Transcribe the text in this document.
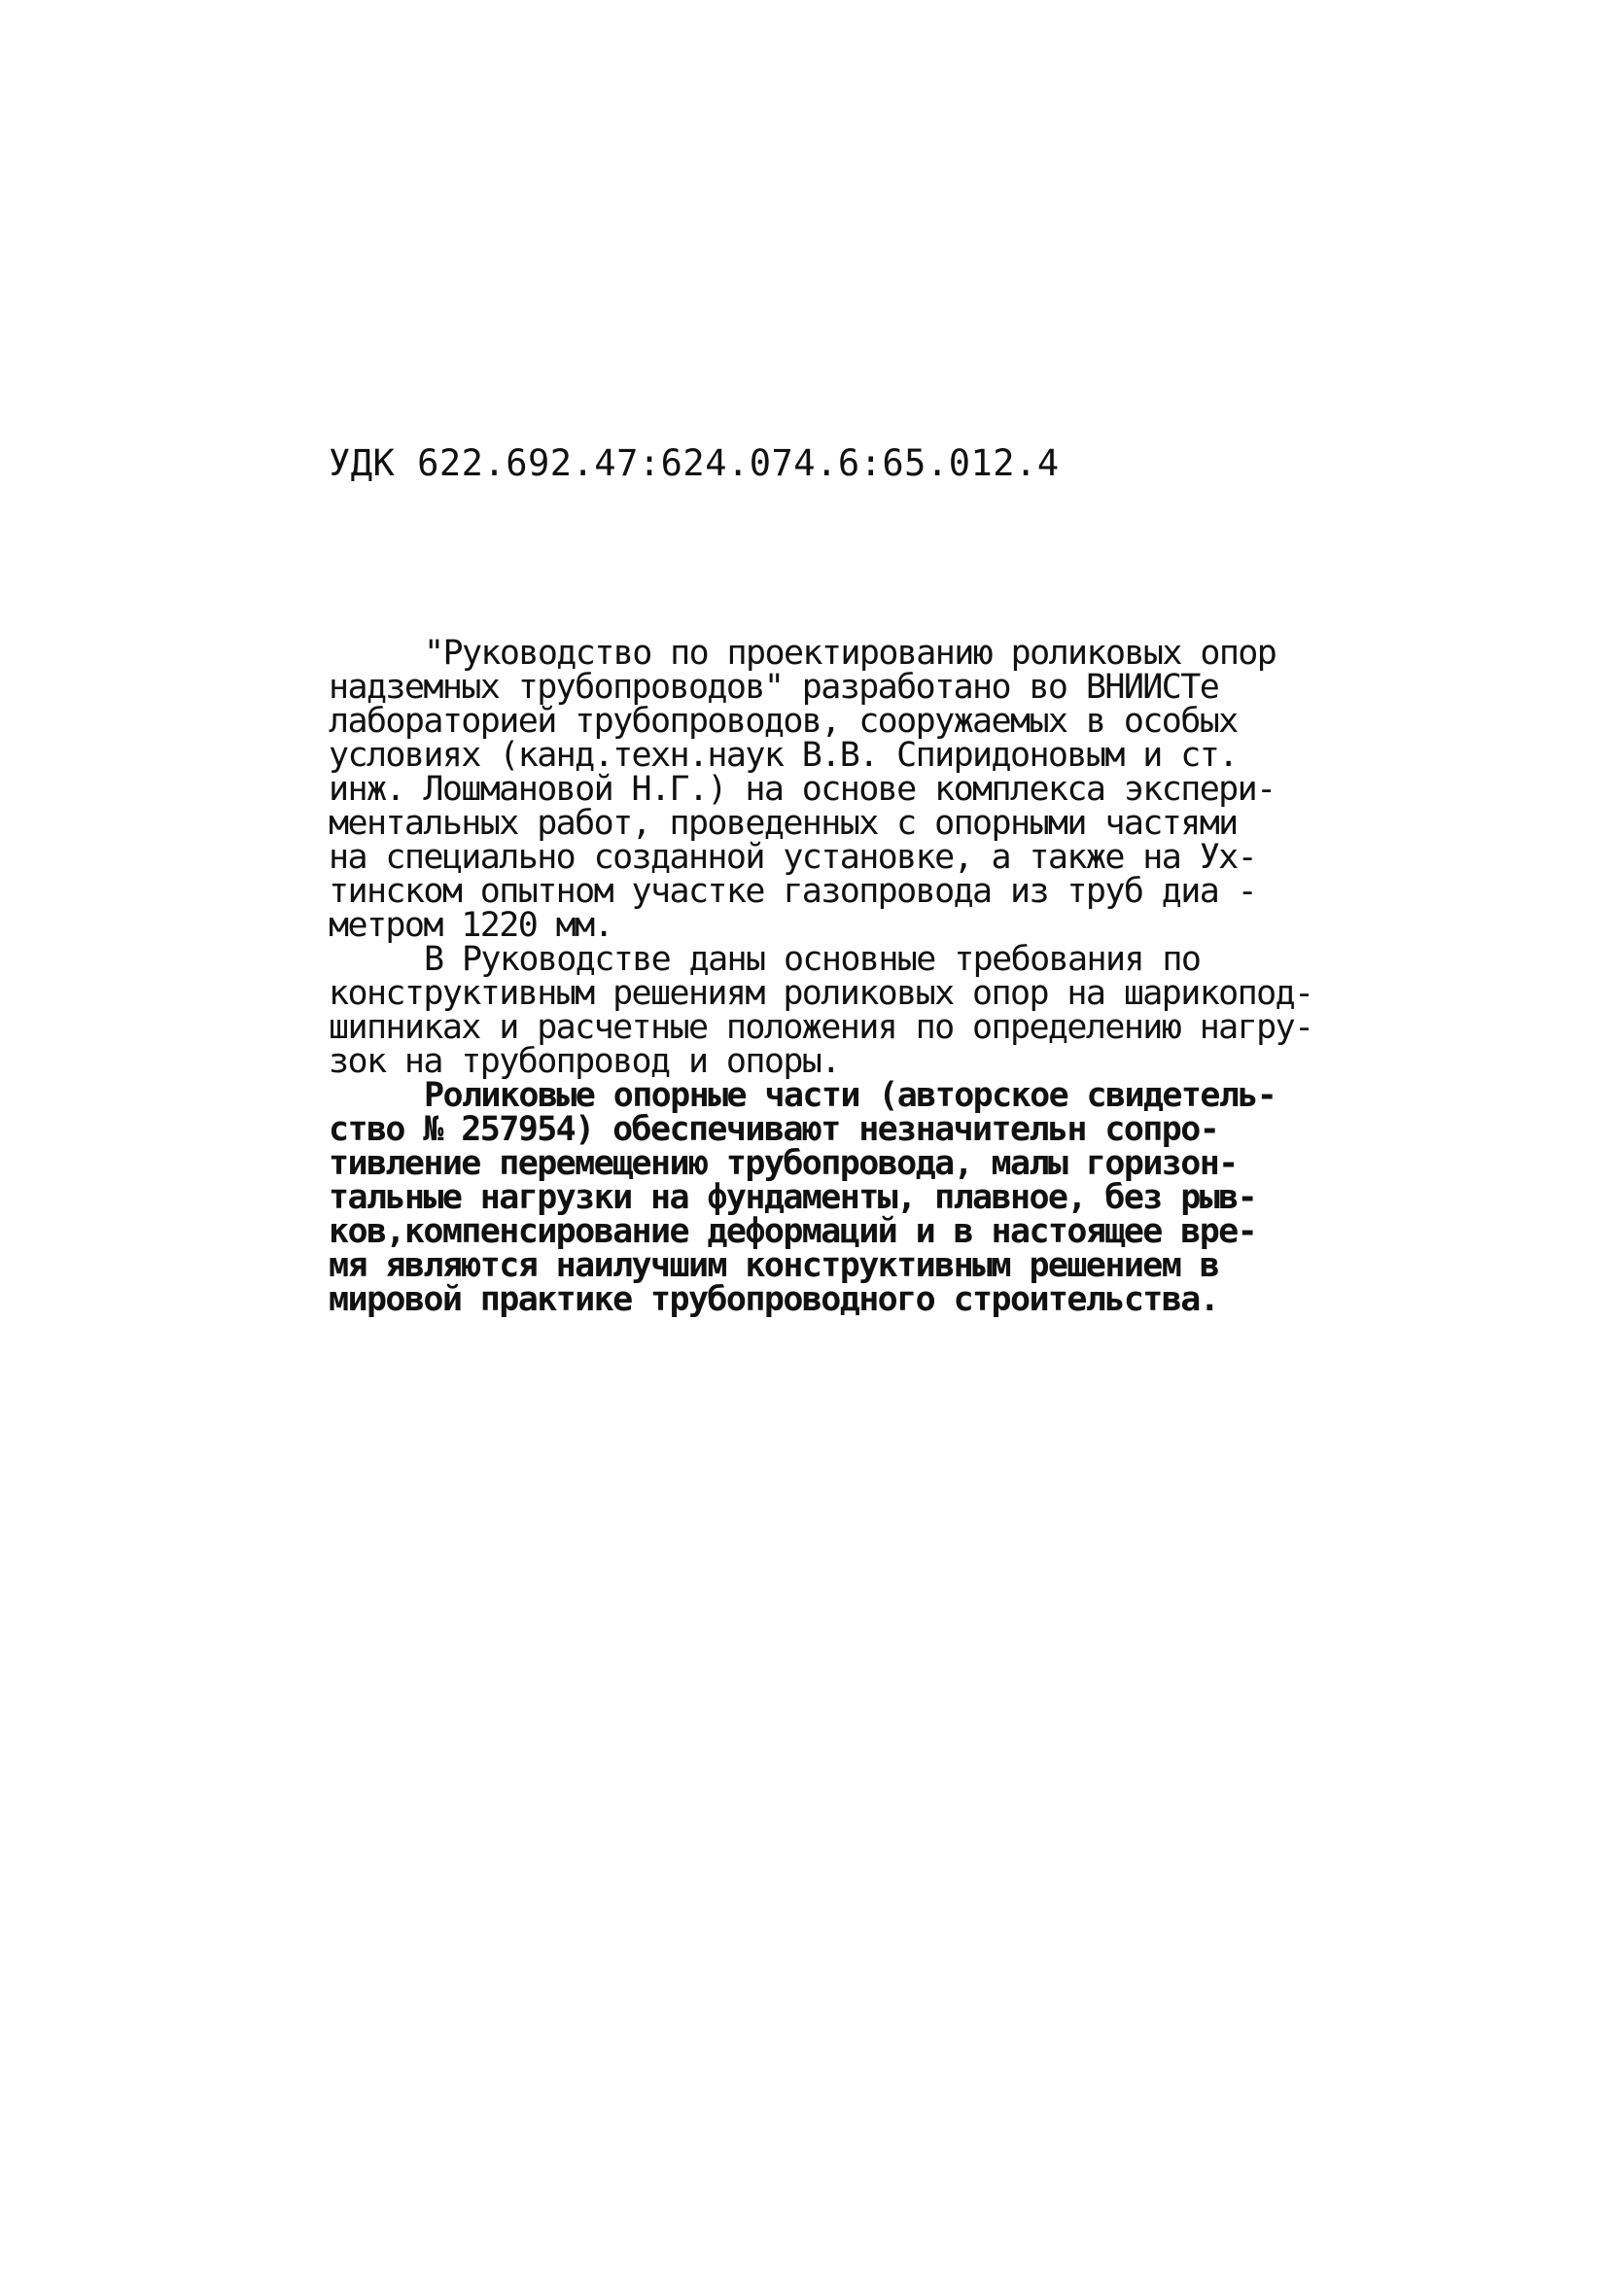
УДК 622.692.47:624.074.6:65.012.4
"Руководство по проектированию роликовых опор
надземных трубопроводов" разработано во ВНИИСТе
лабораторией трубопроводов, сооружаемых в особых
условиях (канд.техн.наук В.В. Спиридоновым и ст.
инж. Лошмановой Н.Г.) на основе комплекса экспери-
ментальных работ, проведенных с опорными частями
на специально созданной установке, а также на Ух-
тинском опытном участке газопровода из труб диа -
метром 1220 мм.
В Руководстве даны основные требования по
конструктивным решениям роликовых опор на шарикопод-
шипниках и расчетные положения по определению нагру-
зок на трубопровод и опоры.
Роликовые опорные части (авторское свидетель-
ство № 257954) обеспечивают незначительн сопро-
тивление перемещению трубопровода, малы горизон-
тальные нагрузки на фундаменты, плавное, без рыв-
ков,компенсирование деформаций и в настоящее вре-
мя являются наилучшим конструктивным решением в
мировой практике трубопроводного строительства.
